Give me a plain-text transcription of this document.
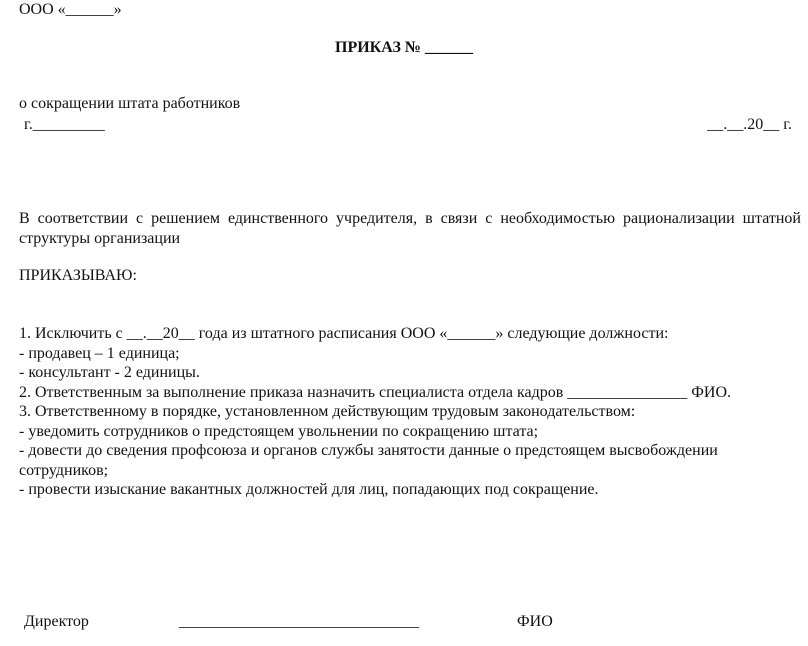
ООО «______»
ПРИКАЗ № ______
о сокращении штата работников
г._________	__.__.20__ г.
В соответствии с решением единственного учредителя, в связи с необходимостью рационализации штатной структуры организации
ПРИКАЗЫВАЮ:
1. Исключить с __.__20__ года из штатного расписания ООО «______» следующие должности:
- продавец – 1 единица;
- консультант - 2 единицы.
2. Ответственным за выполнение приказа назначить специалиста отдела кадров _______________ ФИО.
3. Ответственному в порядке, установленном действующим трудовым законодательством:
- уведомить сотрудников о предстоящем увольнении по сокращению штата;
- довести до сведения профсоюза и органов службы занятости данные о предстоящем высвобождении
сотрудников;
- провести изыскание вакантных должностей для лиц, попадающих под сокращение.
Директор	______________________________	ФИО
